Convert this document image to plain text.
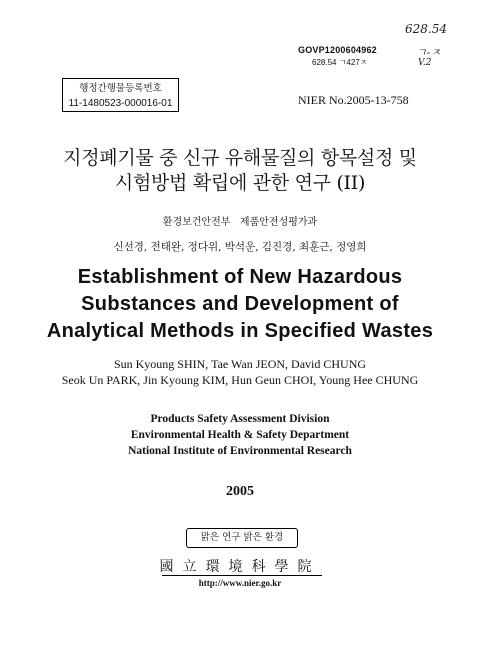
628.54
ㄱ-ㅈ
V.2
GOVP1200604962
628.54 ㄱ427ㅈ
행정간행물등록번호
11-1480523-000016-01	NIER No.2005-13-758
지정폐기물 중 신규 유해물질의 항목설정 및
시험방법 확립에 관한 연구 (II)
환경보건안전부   제품안전성평가과
신선경, 전태완, 정다위, 박석운, 김진경, 최훈근, 정영희
Establishment of New Hazardous
Substances and Development of
Analytical Methods in Specified Wastes
Sun Kyoung SHIN, Tae Wan JEON, David CHUNG
Seok Un PARK, Jin Kyoung KIM, Hun Geun CHOI, Young Hee CHUNG
Products Safety Assessment Division
Environmental Health & Safety Department
National Institute of Environmental Research
2005
맑은 연구 밝은 환경
國立環境科學院
http://www.nier.go.kr
